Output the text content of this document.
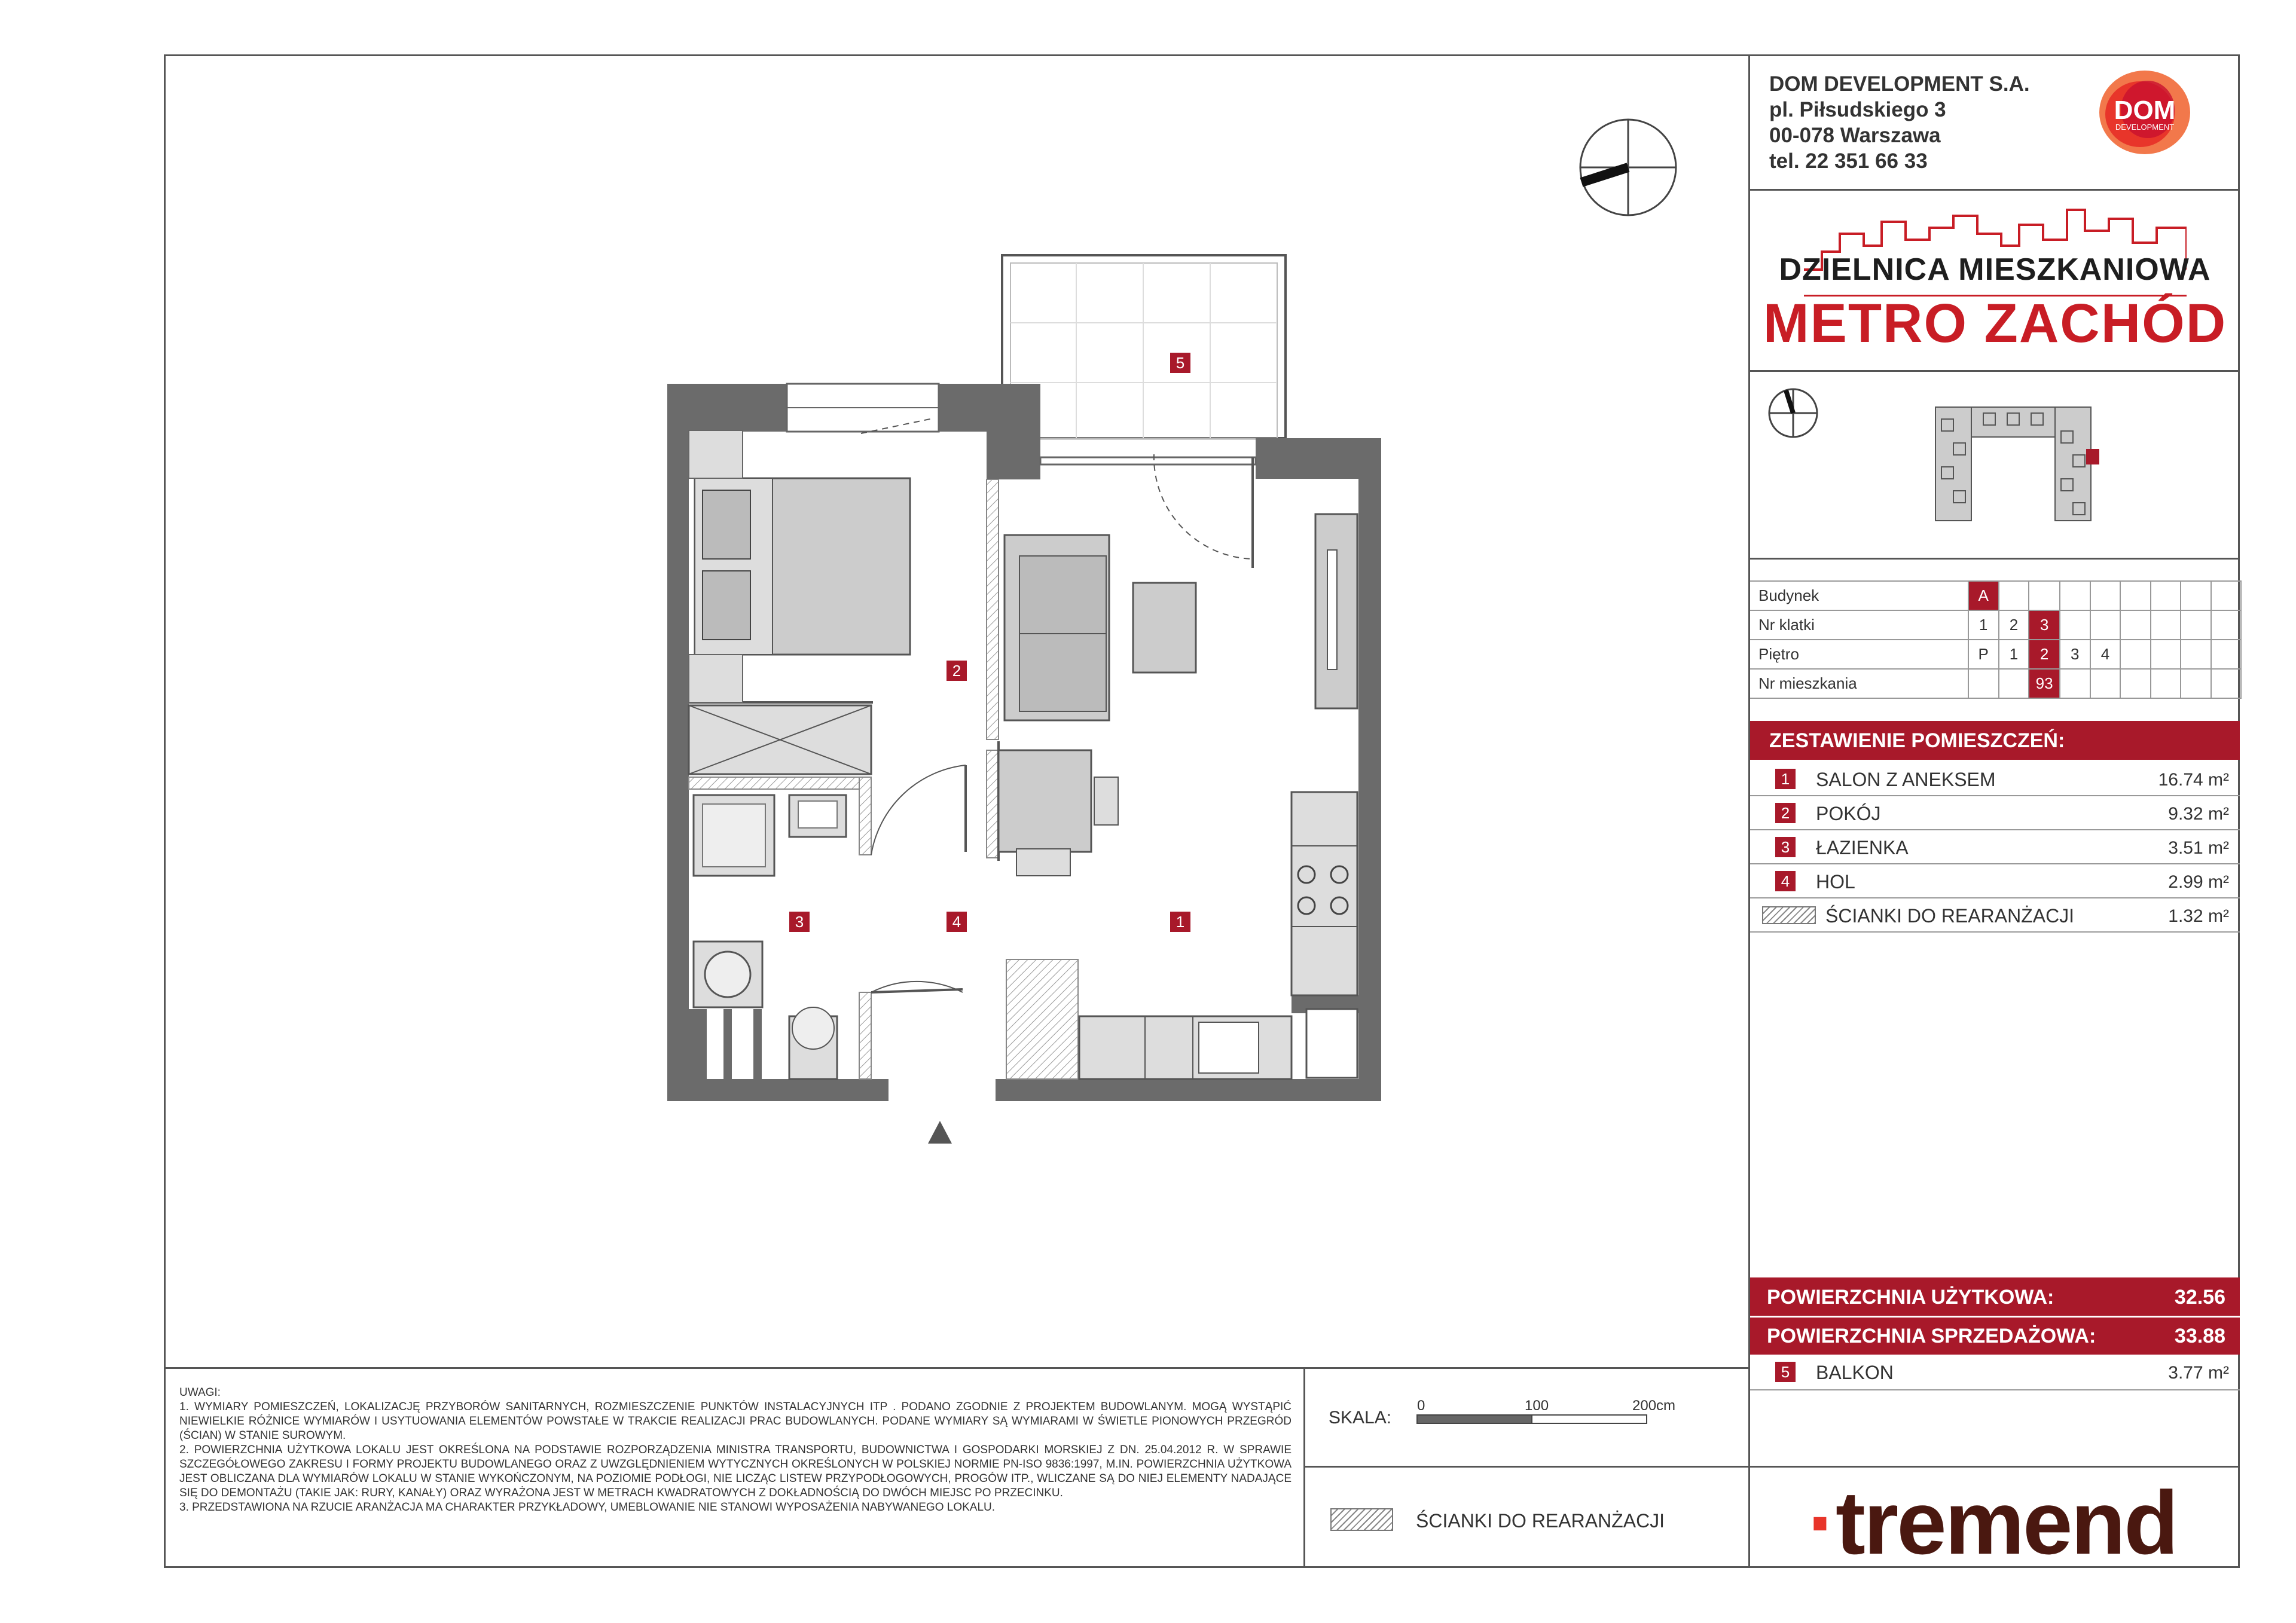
1
2
3	4
5
DOM DEVELOPMENT S.A.
pl. Piłsudskiego 3
00-078 Warszawa
tel. 22 351 66 33
DOM
DEVELOPMENT
DZIELNICA MIESZKANIOWA
METRO ZACHÓD
Budynek	A								
Nr klatki	1	2	3						
Piętro	P	1	2	3	4				
Nr mieszkania			93						
ZESTAWIENIE POMIESZCZEŃ:
ŚCIANKI DO REARANŻACJI	1.32 m²
POWIERZCHNIA UŻYTKOWA:	32.56
POWIERZCHNIA SPRZEDAŻOWA:	33.88
5	BALKON	3.77 m²
·tremend
1	SALON Z ANEKSEM	16.74 m²
2	POKÓJ	9.32 m²
3	ŁAZIENKA	3.51 m²
4	HOL	2.99 m²
UWAGI:
1. WYMIARY POMIESZCZEŃ, LOKALIZACJĘ PRZYBORÓW SANITARNYCH, ROZMIESZCZENIE PUNKTÓW INSTALACYJNYCH ITP . PODANO ZGODNIE Z PROJEKTEM BUDOWLANYM. MOGĄ WYSTĄPIĆ NIEWIELKIE RÓŻNICE WYMIARÓW I USYTUOWANIA ELEMENTÓW POWSTAŁE W TRAKCIE REALIZACJI PRAC BUDOWLANYCH. PODANE WYMIARY SĄ WYMIARAMI W ŚWIETLE PIONOWYCH PRZEGRÓD (ŚCIAN) W STANIE SUROWYM.
2. POWIERZCHNIA UŻYTKOWA LOKALU JEST OKREŚLONA NA PODSTAWIE ROZPORZĄDZENIA MINISTRA TRANSPORTU, BUDOWNICTWA I GOSPODARKI MORSKIEJ Z DN. 25.04.2012 R. W SPRAWIE SZCZEGÓŁOWEGO ZAKRESU I FORMY PROJEKTU BUDOWLANEGO ORAZ Z UWZGLĘDNIENIEM WYTYCZNYCH OKREŚLONYCH W POLSKIEJ NORMIE PN-ISO 9836:1997, M.IN. POWIERZCHNIA UŻYTKOWA JEST OBLICZANA DLA WYMIARÓW LOKALU W STANIE WYKOŃCZONYM, NA POZIOMIE PODŁOGI, NIE LICZĄC LISTEW PRZYPODŁOGOWYCH, PROGÓW ITP., WLICZANE SĄ DO NIEJ ELEMENTY NADAJĄCE SIĘ DO DEMONTAŻU (TAKIE JAK: RURY, KANAŁY) ORAZ WYRAŻONA JEST W METRACH KWADRATOWYCH Z DOKŁADNOŚCIĄ DO DWÓCH MIEJSC PO PRZECINKU.
3. PRZEDSTAWIONA NA RZUCIE ARANŻACJA MA CHARAKTER PRZYKŁADOWY, UMEBLOWANIE NIE STANOWI WYPOSAŻENIA NABYWANEGO LOKALU.
SKALA:
0	100	200cm
ŚCIANKI DO REARANŻACJI
